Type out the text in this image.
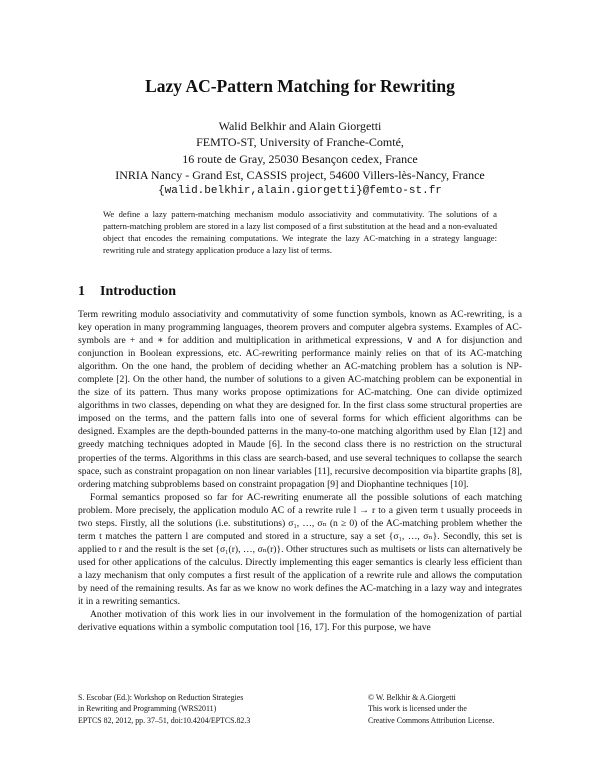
Lazy AC-Pattern Matching for Rewriting
Walid Belkhir and Alain Giorgetti
FEMTO-ST, University of Franche-Comté,
16 route de Gray, 25030 Besançon cedex, France
INRIA Nancy - Grand Est, CASSIS project, 54600 Villers-lès-Nancy, France
{walid.belkhir,alain.giorgetti}@femto-st.fr
We define a lazy pattern-matching mechanism modulo associativity and commutativity. The solutions of a pattern-matching problem are stored in a lazy list composed of a first substitution at the head and a non-evaluated object that encodes the remaining computations. We integrate the lazy AC-matching in a strategy language: rewriting rule and strategy application produce a lazy list of terms.
1 Introduction

Term rewriting modulo associativity and commutativity of some function symbols, known as AC-rewriting, is a key operation in many programming languages, theorem provers and computer algebra systems. Examples of AC-symbols are + and ∗ for addition and multiplication in arithmetical expressions, ∨ and ∧ for disjunction and conjunction in Boolean expressions, etc. AC-rewriting performance mainly relies on that of its AC-matching algorithm. On the one hand, the problem of deciding whether an AC-matching problem has a solution is NP-complete [2]. On the other hand, the number of solutions to a given AC-matching problem can be exponential in the size of its pattern. Thus many works propose optimizations for AC-matching. One can divide optimized algorithms in two classes, depending on what they are designed for. In the first class some structural properties are imposed on the terms, and the pattern falls into one of several forms for which efficient algorithms can be designed. Examples are the depth-bounded patterns in the many-to-one matching algorithm used by Elan [12] and greedy matching techniques adopted in Maude [6]. In the second class there is no restriction on the structural properties of the terms. Algorithms in this class are search-based, and use several techniques to collapse the search space, such as constraint propagation on non linear variables [11], recursive decomposition via bipartite graphs [8], ordering matching subproblems based on constraint propagation [9] and Diophantine techniques [10].

Formal semantics proposed so far for AC-rewriting enumerate all the possible solutions of each matching problem. More precisely, the application modulo AC of a rewrite rule l → r to a given term t usually proceeds in two steps. Firstly, all the solutions (i.e. substitutions) σ₁, …, σₙ (n ≥ 0) of the AC-matching problem whether the term t matches the pattern l are computed and stored in a structure, say a set {σ₁, …, σₙ}. Secondly, this set is applied to r and the result is the set {σ₁(r), …, σₙ(r)}. Other structures such as multisets or lists can alternatively be used for other applications of the calculus. Directly implementing this eager semantics is clearly less efficient than a lazy mechanism that only computes a first result of the application of a rewrite rule and allows the computation by need of the remaining results. As far as we know no work defines the AC-matching in a lazy way and integrates it in a rewriting semantics.

Another motivation of this work lies in our involvement in the formulation of the homogenization of partial derivative equations within a symbolic computation tool [16, 17]. For this purpose, we have

S. Escobar (Ed.): Workshop on Reduction Strategies
in Rewriting and Programming (WRS2011)
EPTCS 82, 2012, pp. 37–51, doi:10.4204/EPTCS.82.3
© W. Belkhir & A.Giorgetti
This work is licensed under the
Creative Commons Attribution License.
